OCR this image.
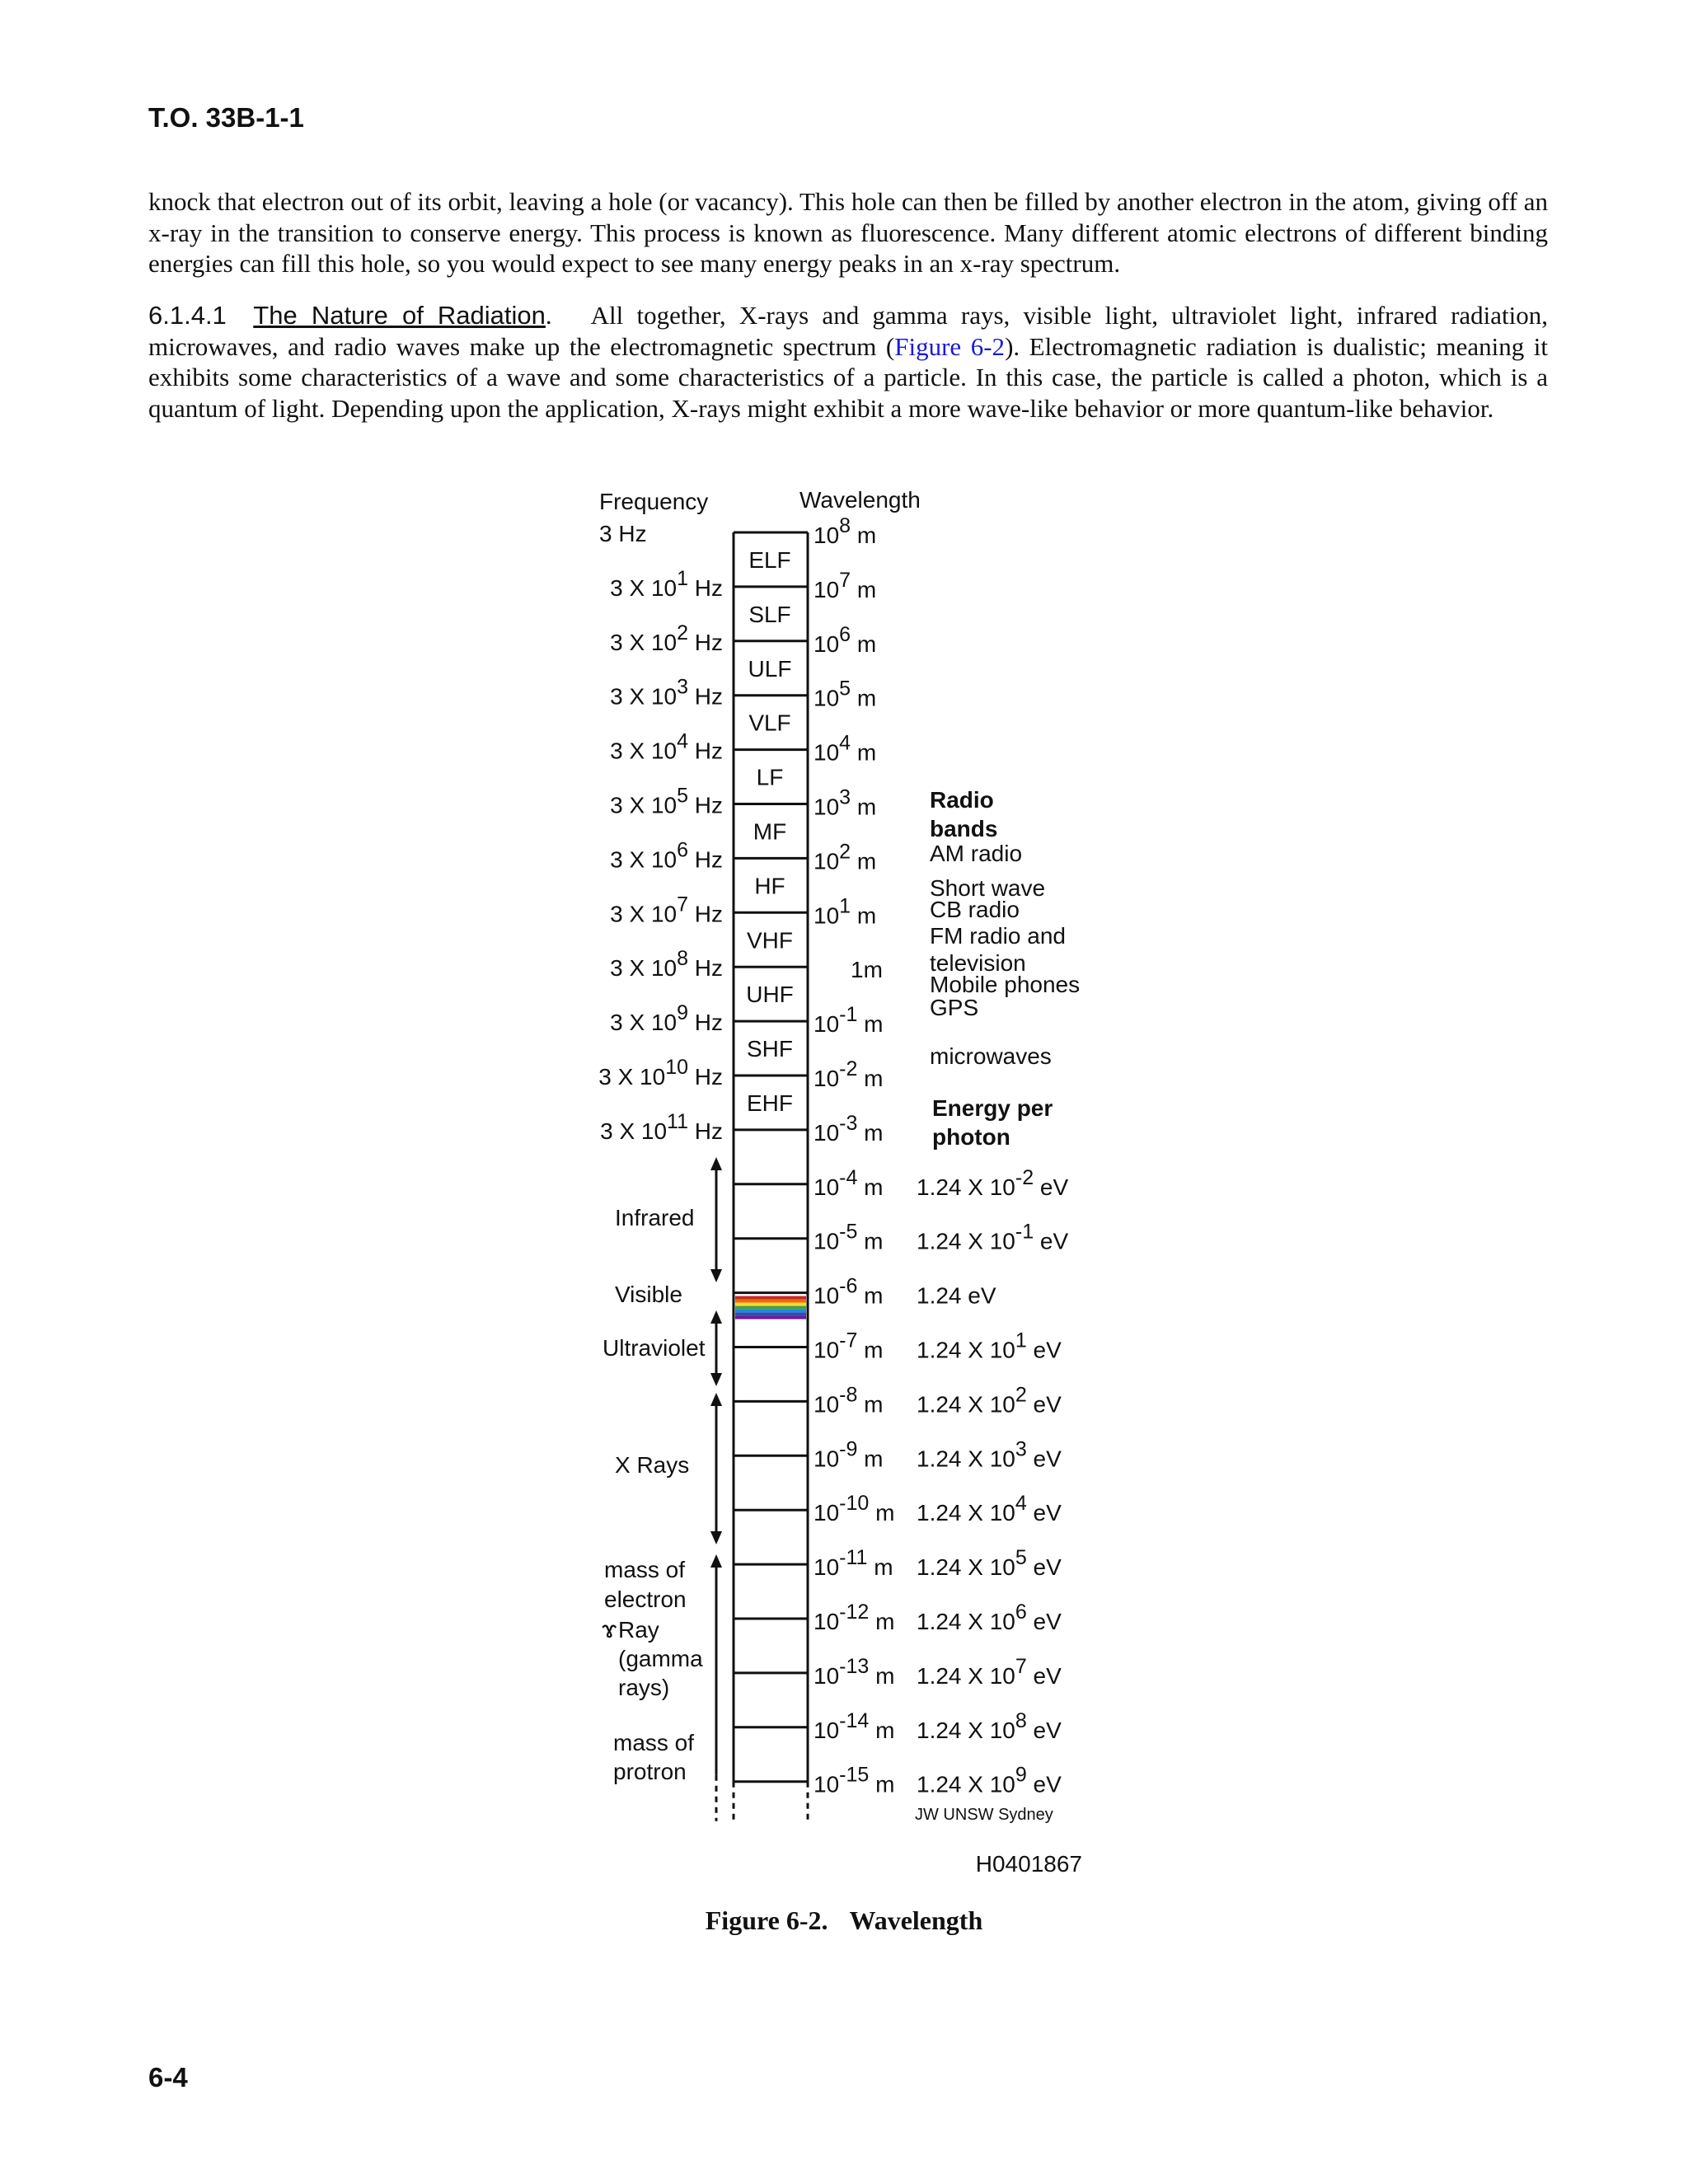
T.O. 33B-1-1

knock that electron out of its orbit, leaving a hole (or vacancy). This hole can then be filled by another electron in the atom, giving off an x-ray in the transition to conserve energy. This process is known as fluorescence. Many different atomic electrons of different binding energies can fill this hole, so you would expect to see many energy peaks in an x-ray spectrum.

6.1.4.1 The Nature of Radiation. All together, X-rays and gamma rays, visible light, ultraviolet light, infrared radiation, microwaves, and radio waves make up the electromagnetic spectrum (Figure 6-2). Electromagnetic radiation is dualistic; meaning it exhibits some characteristics of a wave and some characteristics of a particle. In this case, the particle is called a photon, which is a quantum of light. Depending upon the application, X-rays might exhibit a more wave-like behavior or more quantum-like behavior.

Frequency	Wavelength
ELF
SLF
ULF
VLF
LF
MF
HF
VHF
UHF
SHF
EHF
3 Hz
3 X 101 Hz
3 X 102 Hz
3 X 103 Hz
3 X 104 Hz
3 X 105 Hz
3 X 106 Hz
3 X 107 Hz
3 X 108 Hz
3 X 109 Hz
3 X 1010 Hz
3 X 1011 Hz
108 m
107 m
106 m
105 m
104 m
103 m
102 m
101 m
1m
10-1 m
10-2 m
10-3 m
10-4 m
10-5 m
10-6 m
10-7 m
10-8 m
10-9 m
10-10 m
10-11 m
10-12 m
10-13 m
10-14 m
10-15 m
Radio
bands
AM radio
Short wave
CB radio
FM radio and
television
Mobile phones
GPS
microwaves
Energy per
photon
1.24 X 10-2 eV
1.24 X 10-1 eV
1.24 eV
1.24 X 101 eV
1.24 X 102 eV
1.24 X 103 eV
1.24 X 104 eV
1.24 X 105 eV
1.24 X 106 eV
1.24 X 107 eV
1.24 X 108 eV
1.24 X 109 eV
Infrared
Visible
Ultraviolet
X Rays
mass of
electron
ɤ Ray
(gamma
rays)
mass of
protron
JW UNSW Sydney
H0401867
Figure 6-2. Wavelength
6-4
